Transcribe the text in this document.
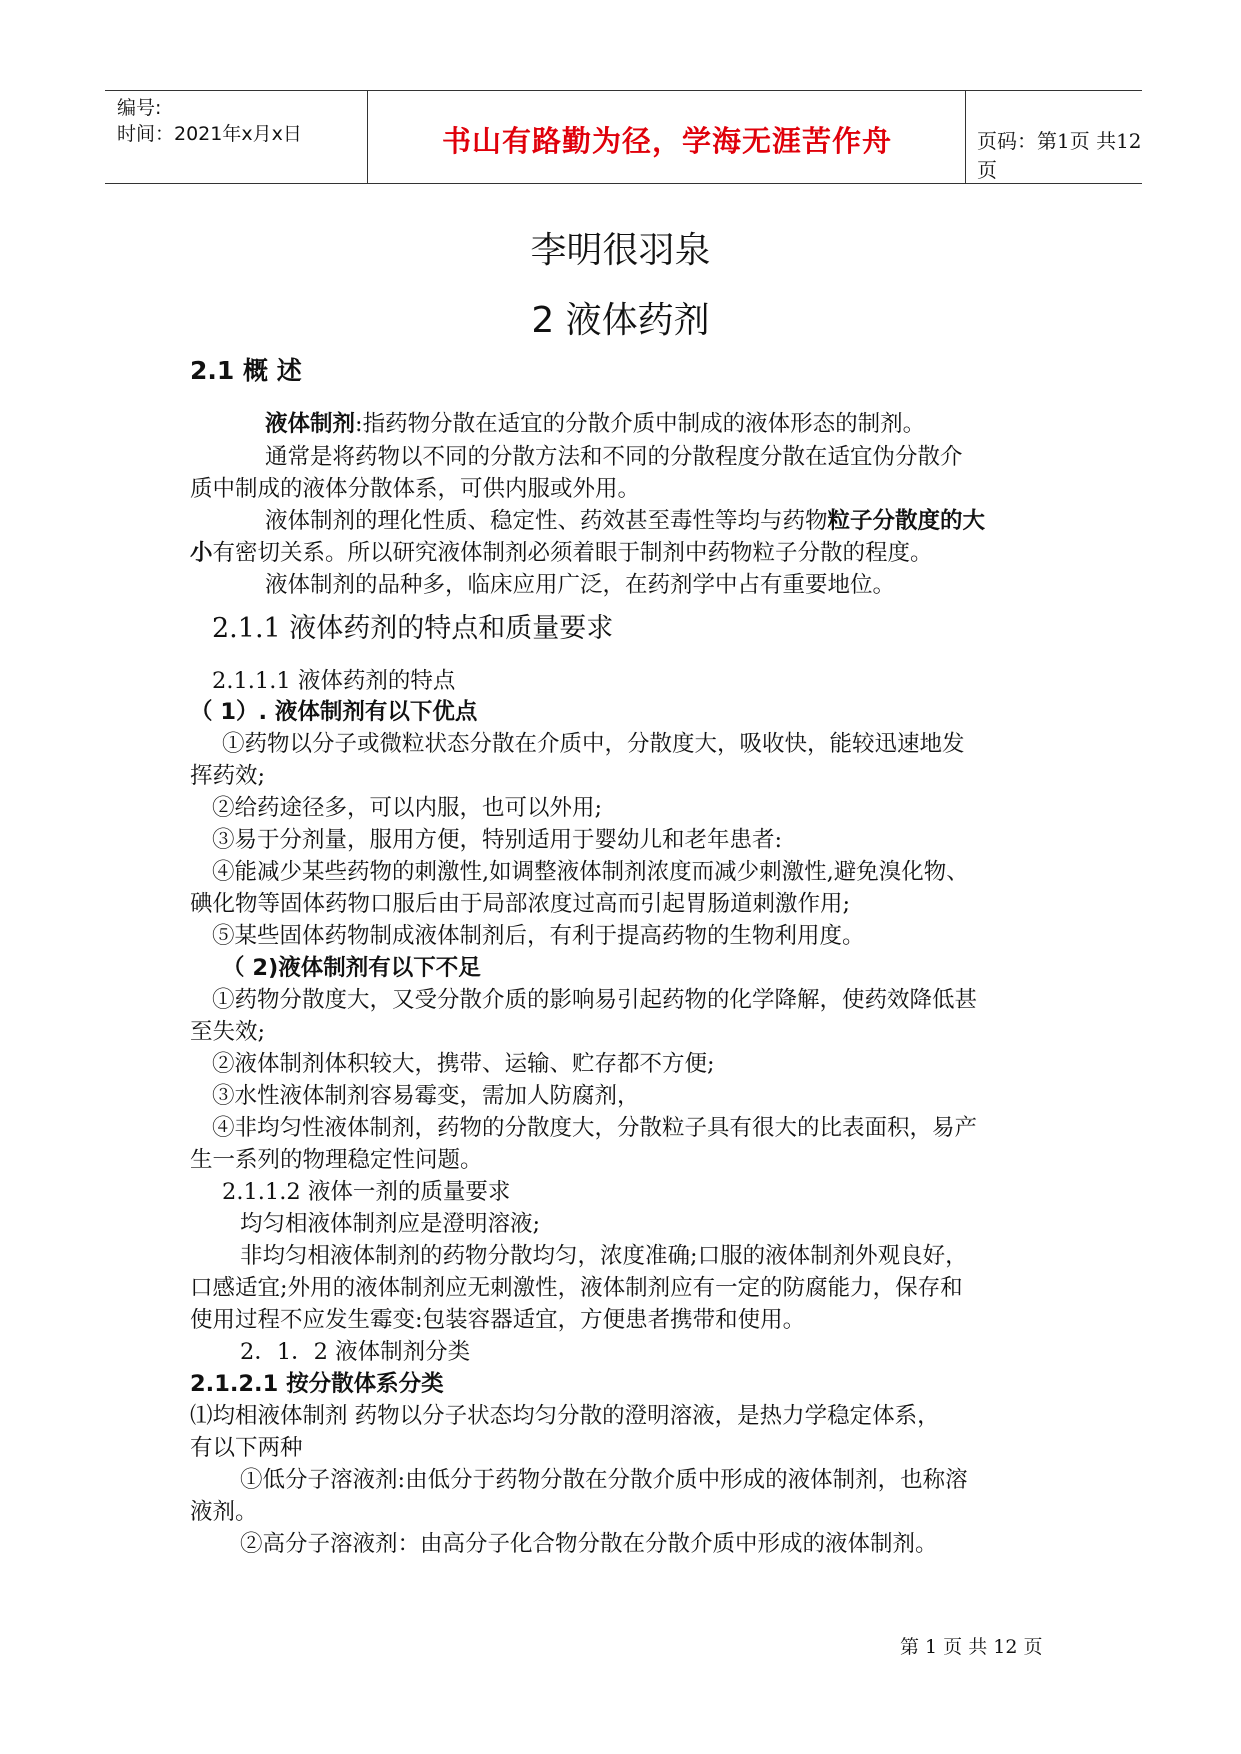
编号:
时间：2021年x月x日	书山有路勤为径，学海无涯苦作舟	页码：第1页 共12页
李明很羽泉
2 液体药剂
2.1 概 述
液体制剂:指药物分散在适宜的分散介质中制成的液体形态的制剂。
通常是将药物以不同的分散方法和不同的分散程度分散在适宜伪分散介
质中制成的液体分散体系，可供内服或外用。
液体制剂的理化性质、稳定性、药效甚至毒性等均与药物粒子分散度的大
小有密切关系。所以研究液体制剂必须着眼于制剂中药物粒子分散的程度。
液体制剂的品种多，临床应用广泛，在药剂学中占有重要地位。
2.1.1 液体药剂的特点和质量要求
2.1.1.1 液体药剂的特点
（ 1）. 液体制剂有以下优点
①药物以分子或微粒状态分散在介质中，分散度大，吸收快，能较迅速地发
挥药效;
②给药途径多，可以内服，也可以外用;
③易于分剂量，服用方便，特别适用于婴幼儿和老年患者:
④能减少某些药物的刺激性,如调整液体制剂浓度而减少刺激性,避免溴化物、
碘化物等固体药物口服后由于局部浓度过高而引起胃肠道刺激作用;
⑤某些固体药物制成液体制剂后，有利于提高药物的生物利用度。
（ 2)液体制剂有以下不足
①药物分散度大，又受分散介质的影响易引起药物的化学降解，使药效降低甚
至失效;
②液体制剂体积较大，携带、运输、贮存都不方便;
③水性液体制剂容易霉变，需加人防腐剂，
④非均匀性液体制剂，药物的分散度大，分散粒子具有很大的比表面积，易产
生一系列的物理稳定性问题。
2.1.1.2 液体一剂的质量要求
均匀相液体制剂应是澄明溶液;
非均匀相液体制剂的药物分散均匀，浓度准确;口服的液体制剂外观良好，
口感适宜;外用的液体制剂应无刺激性，液体制剂应有一定的防腐能力，保存和
使用过程不应发生霉变:包装容器适宜，方便患者携带和使用。
2．1．2 液体制剂分类
2.1.2.1 按分散体系分类
⑴均相液体制剂 药物以分子状态均匀分散的澄明溶液，是热力学稳定体系，
有以下两种
①低分子溶液剂:由低分于药物分散在分散介质中形成的液体制剂，也称溶
液剂。
②高分子溶液剂：由高分子化合物分散在分散介质中形成的液体制剂。
第 1 页 共 12 页
